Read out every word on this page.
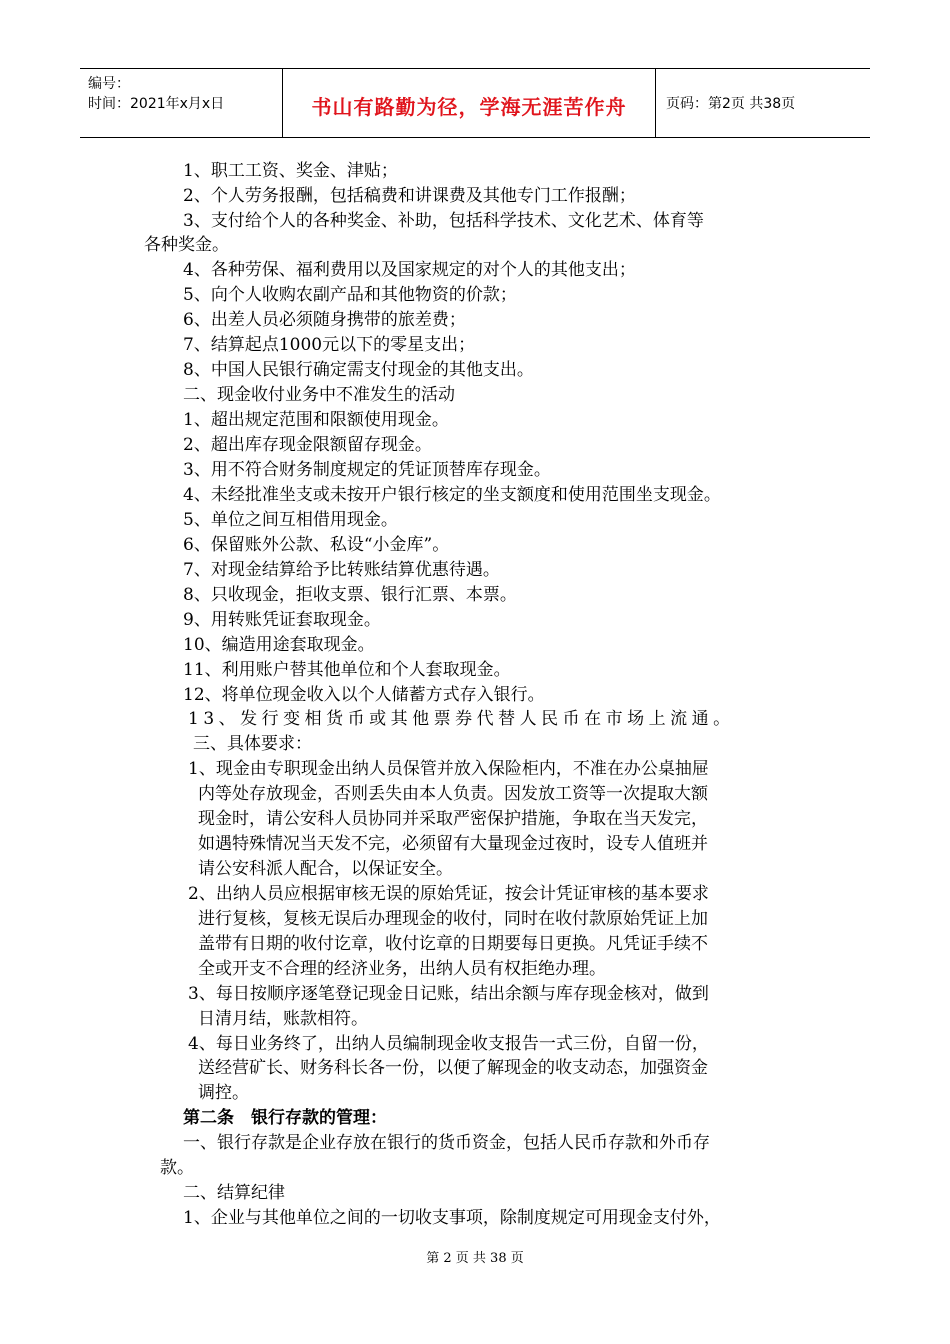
编号：
时间：2021年x月x日	书山有路勤为径，学海无涯苦作舟	页码：第2页 共38页
1、职工工资、奖金、津贴；
2、个人劳务报酬，包括稿费和讲课费及其他专门工作报酬；
3、支付给个人的各种奖金、补助，包括科学技术、文化艺术、体育等
各种奖金。
4、各种劳保、福利费用以及国家规定的对个人的其他支出；
5、向个人收购农副产品和其他物资的价款；
6、出差人员必须随身携带的旅差费；
7、结算起点1000元以下的零星支出；
8、中国人民银行确定需支付现金的其他支出。
二、现金收付业务中不准发生的活动
1、超出规定范围和限额使用现金。
2、超出库存现金限额留存现金。
3、用不符合财务制度规定的凭证顶替库存现金。
4、未经批准坐支或未按开户银行核定的坐支额度和使用范围坐支现金。
5、单位之间互相借用现金。
6、保留账外公款、私设“小金库”。
7、对现金结算给予比转账结算优惠待遇。
8、只收现金，拒收支票、银行汇票、本票。
9、用转账凭证套取现金。
10、编造用途套取现金。
11、利用账户替其他单位和个人套取现金。
12、将单位现金收入以个人储蓄方式存入银行。
13、发行变相货币或其他票券代替人民币在市场上流通。
三、具体要求：
1、现金由专职现金出纳人员保管并放入保险柜内，不准在办公桌抽屉
内等处存放现金，否则丢失由本人负责。因发放工资等一次提取大额
现金时，请公安科人员协同并采取严密保护措施，争取在当天发完，
如遇特殊情况当天发不完，必须留有大量现金过夜时，设专人值班并
请公安科派人配合，以保证安全。
2、出纳人员应根据审核无误的原始凭证，按会计凭证审核的基本要求
进行复核，复核无误后办理现金的收付，同时在收付款原始凭证上加
盖带有日期的收付讫章，收付讫章的日期要每日更换。凡凭证手续不
全或开支不合理的经济业务，出纳人员有权拒绝办理。
3、每日按顺序逐笔登记现金日记账，结出余额与库存现金核对，做到
日清月结，账款相符。
4、每日业务终了，出纳人员编制现金收支报告一式三份，自留一份，
送经营矿长、财务科长各一份，以便了解现金的收支动态，加强资金
调控。
第二条　银行存款的管理：
一、银行存款是企业存放在银行的货币资金，包括人民币存款和外币存
款。
二、结算纪律
1、企业与其他单位之间的一切收支事项，除制度规定可用现金支付外，
第 2 页 共 38 页
